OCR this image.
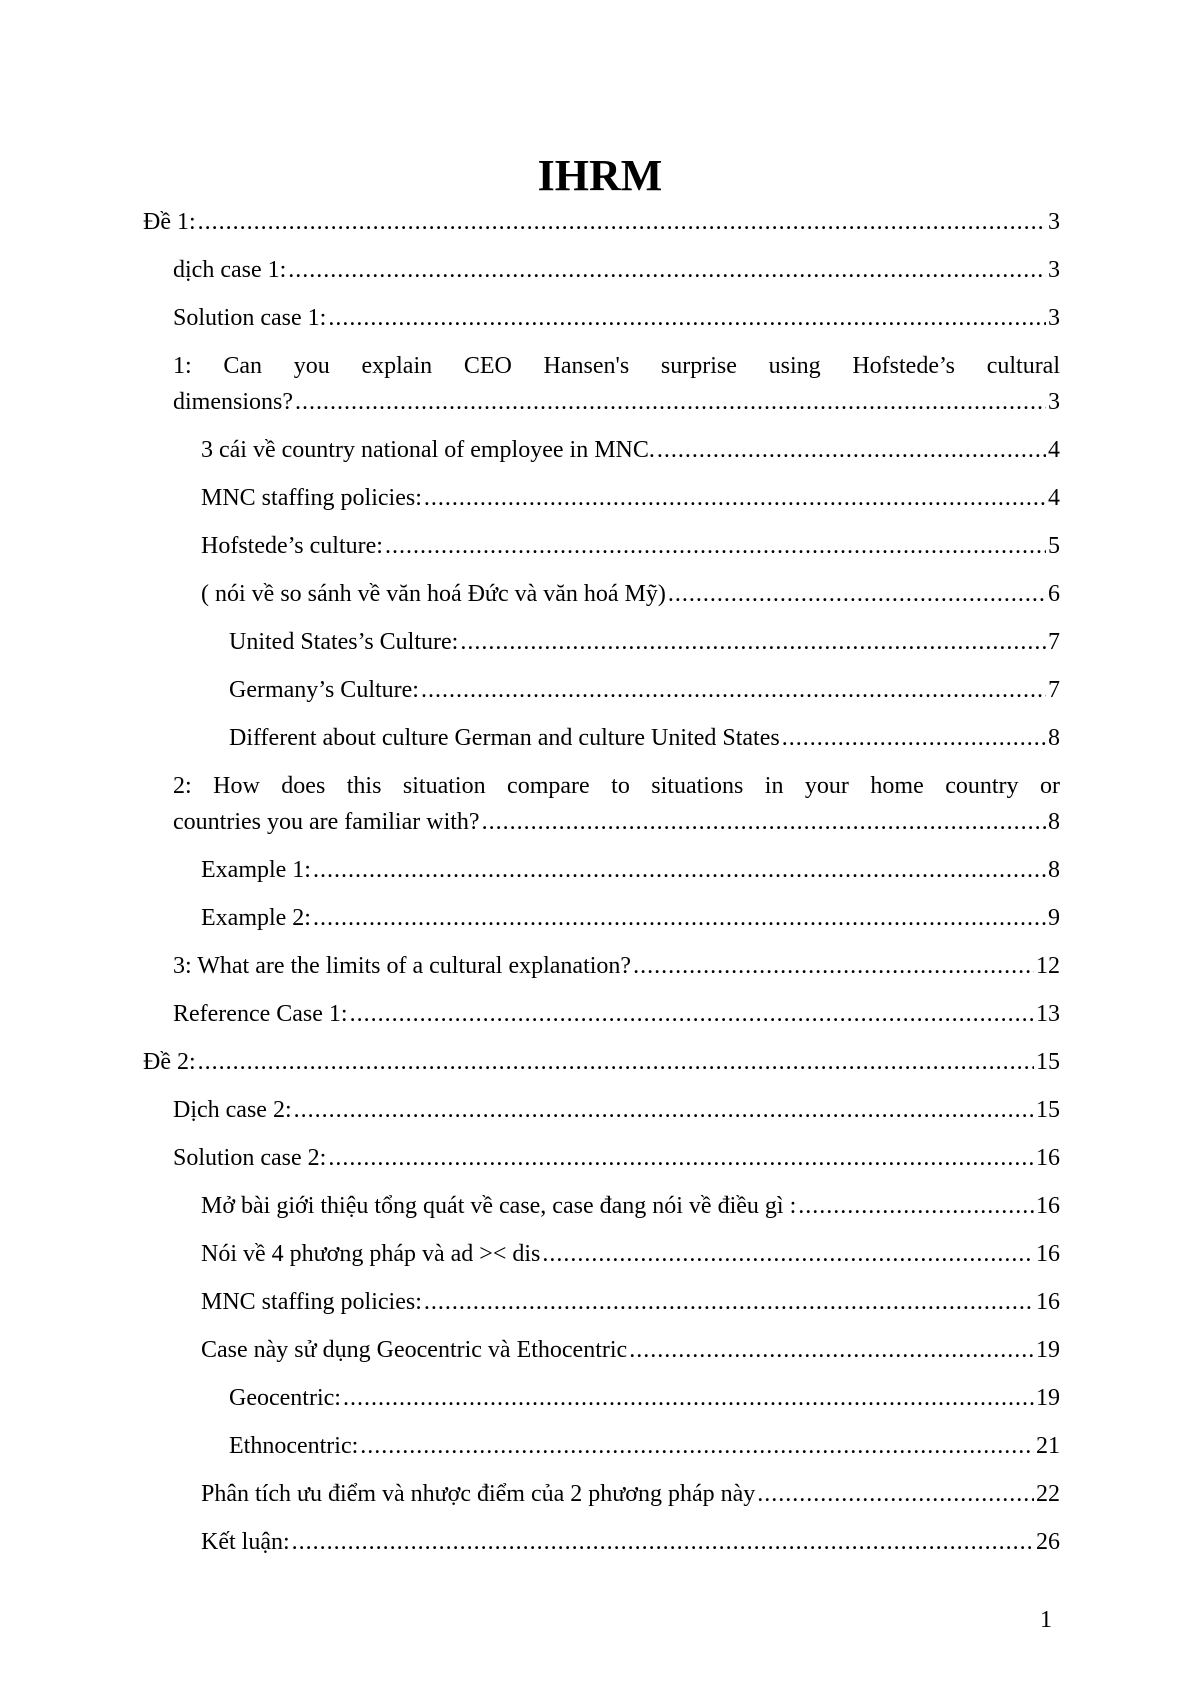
IHRM
Đề 1: .....	3
dịch case 1: .....	3
Solution case 1: .....	3
1: Can you explain CEO Hansen's surprise using Hofstede’s cultural
dimensions? .....	3
3 cái về country national of employee in MNC. .....	4
MNC staffing policies: .....	4
Hofstede’s culture: .....	5
( nói về so sánh về văn hoá Đức và văn hoá Mỹ) .....	6
United States’s Culture: .....	7
Germany’s Culture: .....	7
Different about culture German and culture United States .....	8
2: How does this situation compare to situations in your home country or
countries you are familiar with? .....	8
Example 1: .....	8
Example 2: .....	9
3: What are the limits of a cultural explanation? .....	12
Reference Case 1: .....	13
Đề 2: .....	15
Dịch case 2: .....	15
Solution case 2: .....	16
Mở bài giới thiệu tổng quát về case, case đang nói về điều gì : .....	16
Nói về 4 phương pháp và ad >< dis .....	16
MNC staffing policies: .....	16
Case này sử dụng Geocentric và Ethocentric .....	19
Geocentric: .....	19
Ethnocentric: .....	21
Phân tích ưu điểm và nhược điểm của 2 phương pháp này .....	22
Kết luận: .....	26
1
